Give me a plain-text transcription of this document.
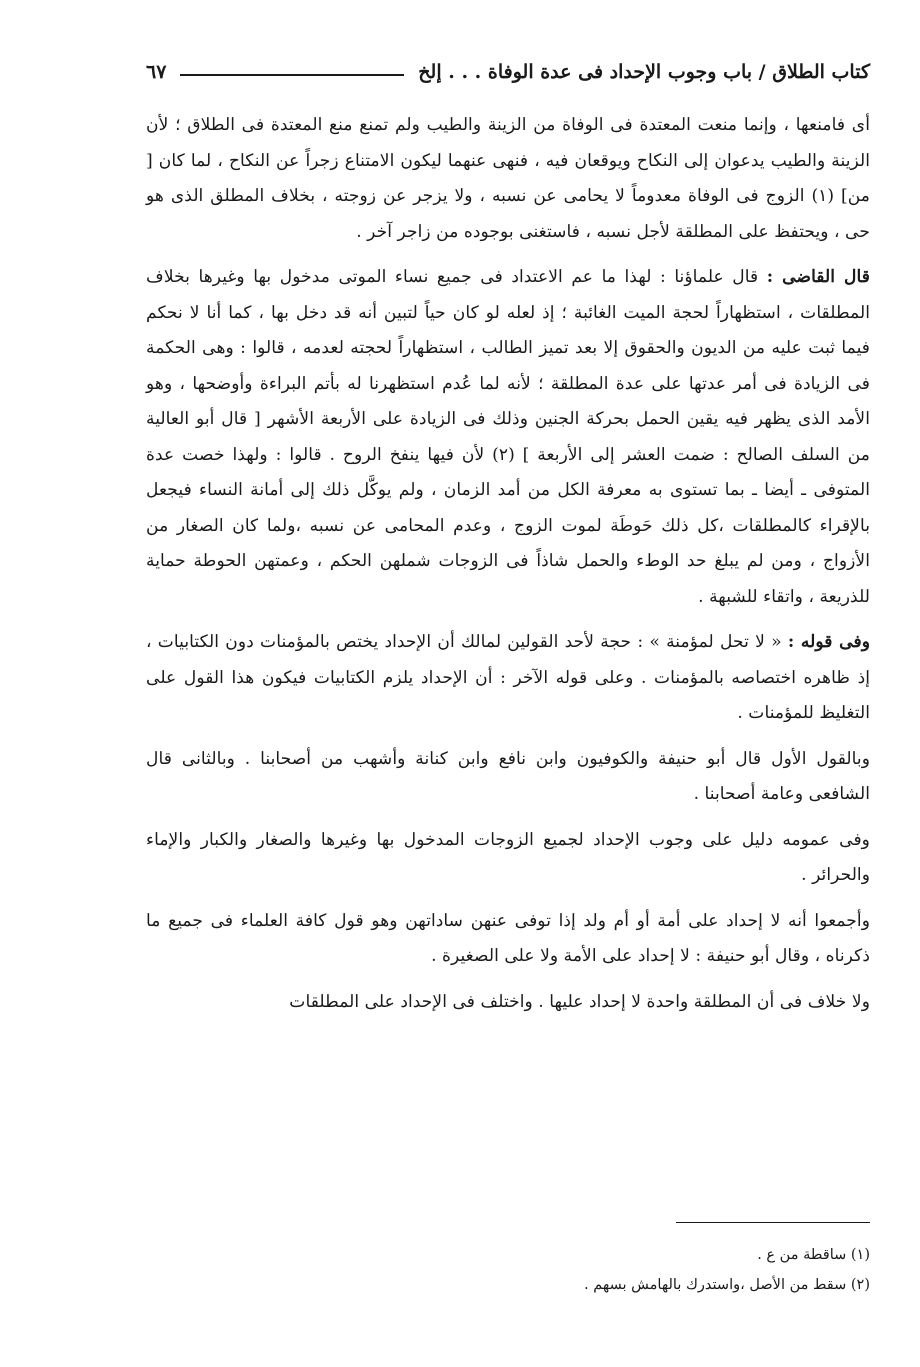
كتاب الطلاق / باب وجوب الإحداد فى عدة الوفاة . . . إلخ
٦٧

أى فامنعها ، وإنما منعت المعتدة فى الوفاة من الزينة والطيب ولم تمنع منع المعتدة فى الطلاق ؛ لأن الزينة والطيب يدعوان إلى النكاح ويوقعان فيه ، فنهى عنهما ليكون الامتناع زجراً عن النكاح ، لما كان [ من] (١) الزوج فى الوفاة معدوماً لا يحامى عن نسبه ، ولا يزجر عن زوجته ، بخلاف المطلق الذى هو حى ، ويحتفظ على المطلقة لأجل نسبه ، فاستغنى بوجوده من زاجر آخر .

قال القاضى : قال علماؤنا : لهذا ما عم الاعتداد فى جميع نساء الموتى مدخول بها وغيرها بخلاف المطلقات ، استظهاراً لحجة الميت الغائبة ؛ إذ لعله لو كان حياً لتبين أنه قد دخل بها ، كما أنا لا نحكم فيما ثبت عليه من الديون والحقوق إلا بعد تميز الطالب ، استظهاراً لحجته لعدمه ، قالوا : وهى الحكمة فى الزيادة فى أمر عدتها على عدة المطلقة ؛ لأنه لما عُدم استظهرنا له بأتم البراءة وأوضحها ، وهو الأمد الذى يظهر فيه يقين الحمل بحركة الجنين وذلك فى الزيادة على الأربعة الأشهر [ قال أبو العالية من السلف الصالح : ضمت العشر إلى الأربعة ] (٢) لأن فيها ينفخ الروح . قالوا : ولهذا خصت عدة المتوفى ـ أيضا ـ بما تستوى به معرفة الكل من أمد الزمان ، ولم يوكَّل ذلك إلى أمانة النساء فيجعل بالإقراء كالمطلقات ،كل ذلك حَوطَة لموت الزوج ، وعدم المحامى عن نسبه ،ولما كان الصغار من الأزواج ، ومن لم يبلغ حد الوطء والحمل شاذاً فى الزوجات شملهن الحكم ، وعمتهن الحوطة حماية للذريعة ، واتقاء للشبهة .

وفى قوله : « لا تحل لمؤمنة » : حجة لأحد القولين لمالك أن الإحداد يختص بالمؤمنات دون الكتابيات ، إذ ظاهره اختصاصه بالمؤمنات . وعلى قوله الآخر : أن الإحداد يلزم الكتابيات فيكون هذا القول على التغليظ للمؤمنات .

وبالقول الأول قال أبو حنيفة والكوفيون وابن نافع وابن كنانة وأشهب من أصحابنا . وبالثانى قال الشافعى وعامة أصحابنا .

وفى عمومه دليل على وجوب الإحداد لجميع الزوجات المدخول بها وغيرها والصغار والكبار والإماء والحرائر .

وأجمعوا أنه لا إحداد على أمة أو أم ولد إذا توفى عنهن ساداتهن وهو قول كافة العلماء فى جميع ما ذكرناه ، وقال أبو حنيفة : لا إحداد على الأمة ولا على الصغيرة .

ولا خلاف فى أن المطلقة واحدة لا إحداد عليها . واختلف فى الإحداد على المطلقات

(١) ساقطة من ع .

(٢) سقط من الأصل ،واستدرك بالهامش بسهم .
